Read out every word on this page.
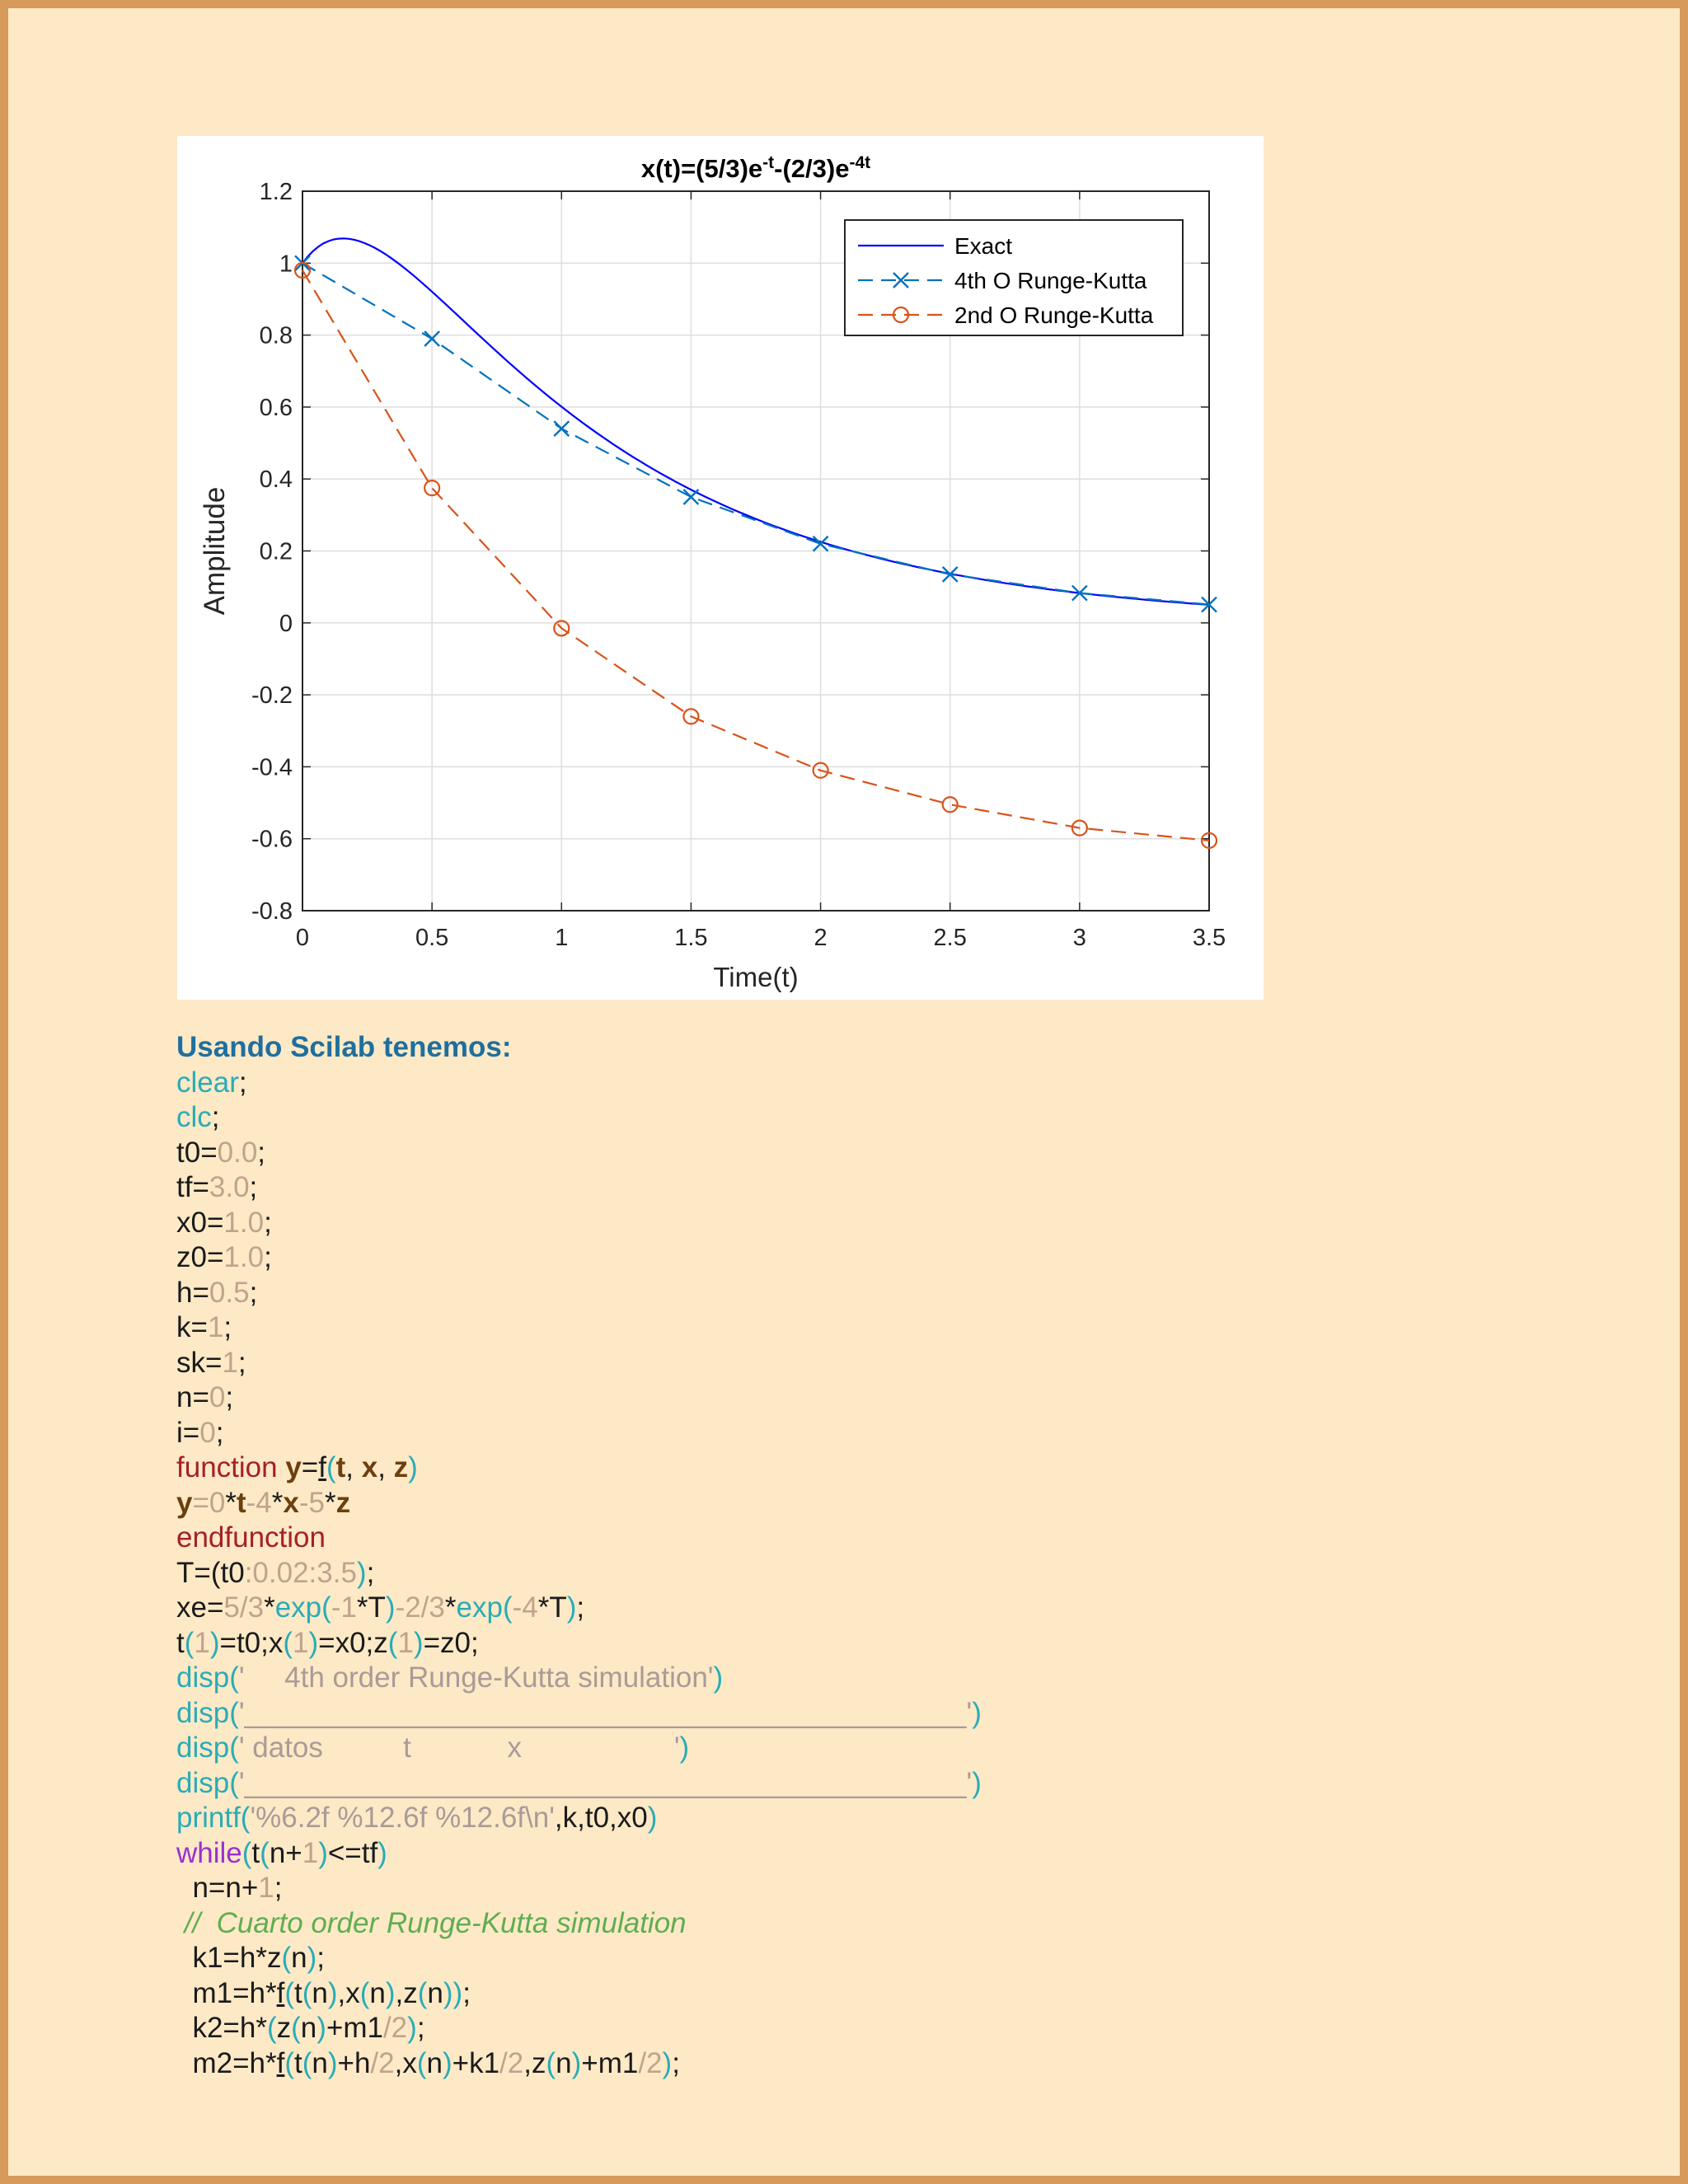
0	0.5	1	1.5	2	2.5	3	3.5
-0.8
-0.6
-0.4
-0.2
0
0.2
0.4
0.6
0.8
1
1.2
$x(t)=(5/3)e^{-t}-(2/3)e^{-4t}$
Time(t)
Amplitude
Exact
4th O Runge-Kutta
2nd O Runge-Kutta
Usando Scilab tenemos:
clear;
clc;
t0=0.0;
tf=3.0;
x0=1.0;
z0=1.0;
h=0.5;
k=1;
sk=1;
n=0;
i=0;
function y=f(t, x, z)
y=0*t-4*x-5*z
endfunction
T=(t0:0.02:3.5);
xe=5/3*exp(-1*T)-2/3*exp(-4*T);
t(1)=t0;x(1)=x0;z(1)=z0;
disp('     4th order Runge-Kutta simulation')
disp('_____________________________________________')
disp(' datos          t            x                   ')
disp('_____________________________________________')
printf('%6.2f %12.6f %12.6f\n',k,t0,x0)
while(t(n+1)<=tf)
n=n+1;
//  Cuarto order Runge-Kutta simulation
k1=h*z(n);
m1=h*f(t(n),x(n),z(n));
k2=h*(z(n)+m1/2);
m2=h*f(t(n)+h/2,x(n)+k1/2,z(n)+m1/2);
